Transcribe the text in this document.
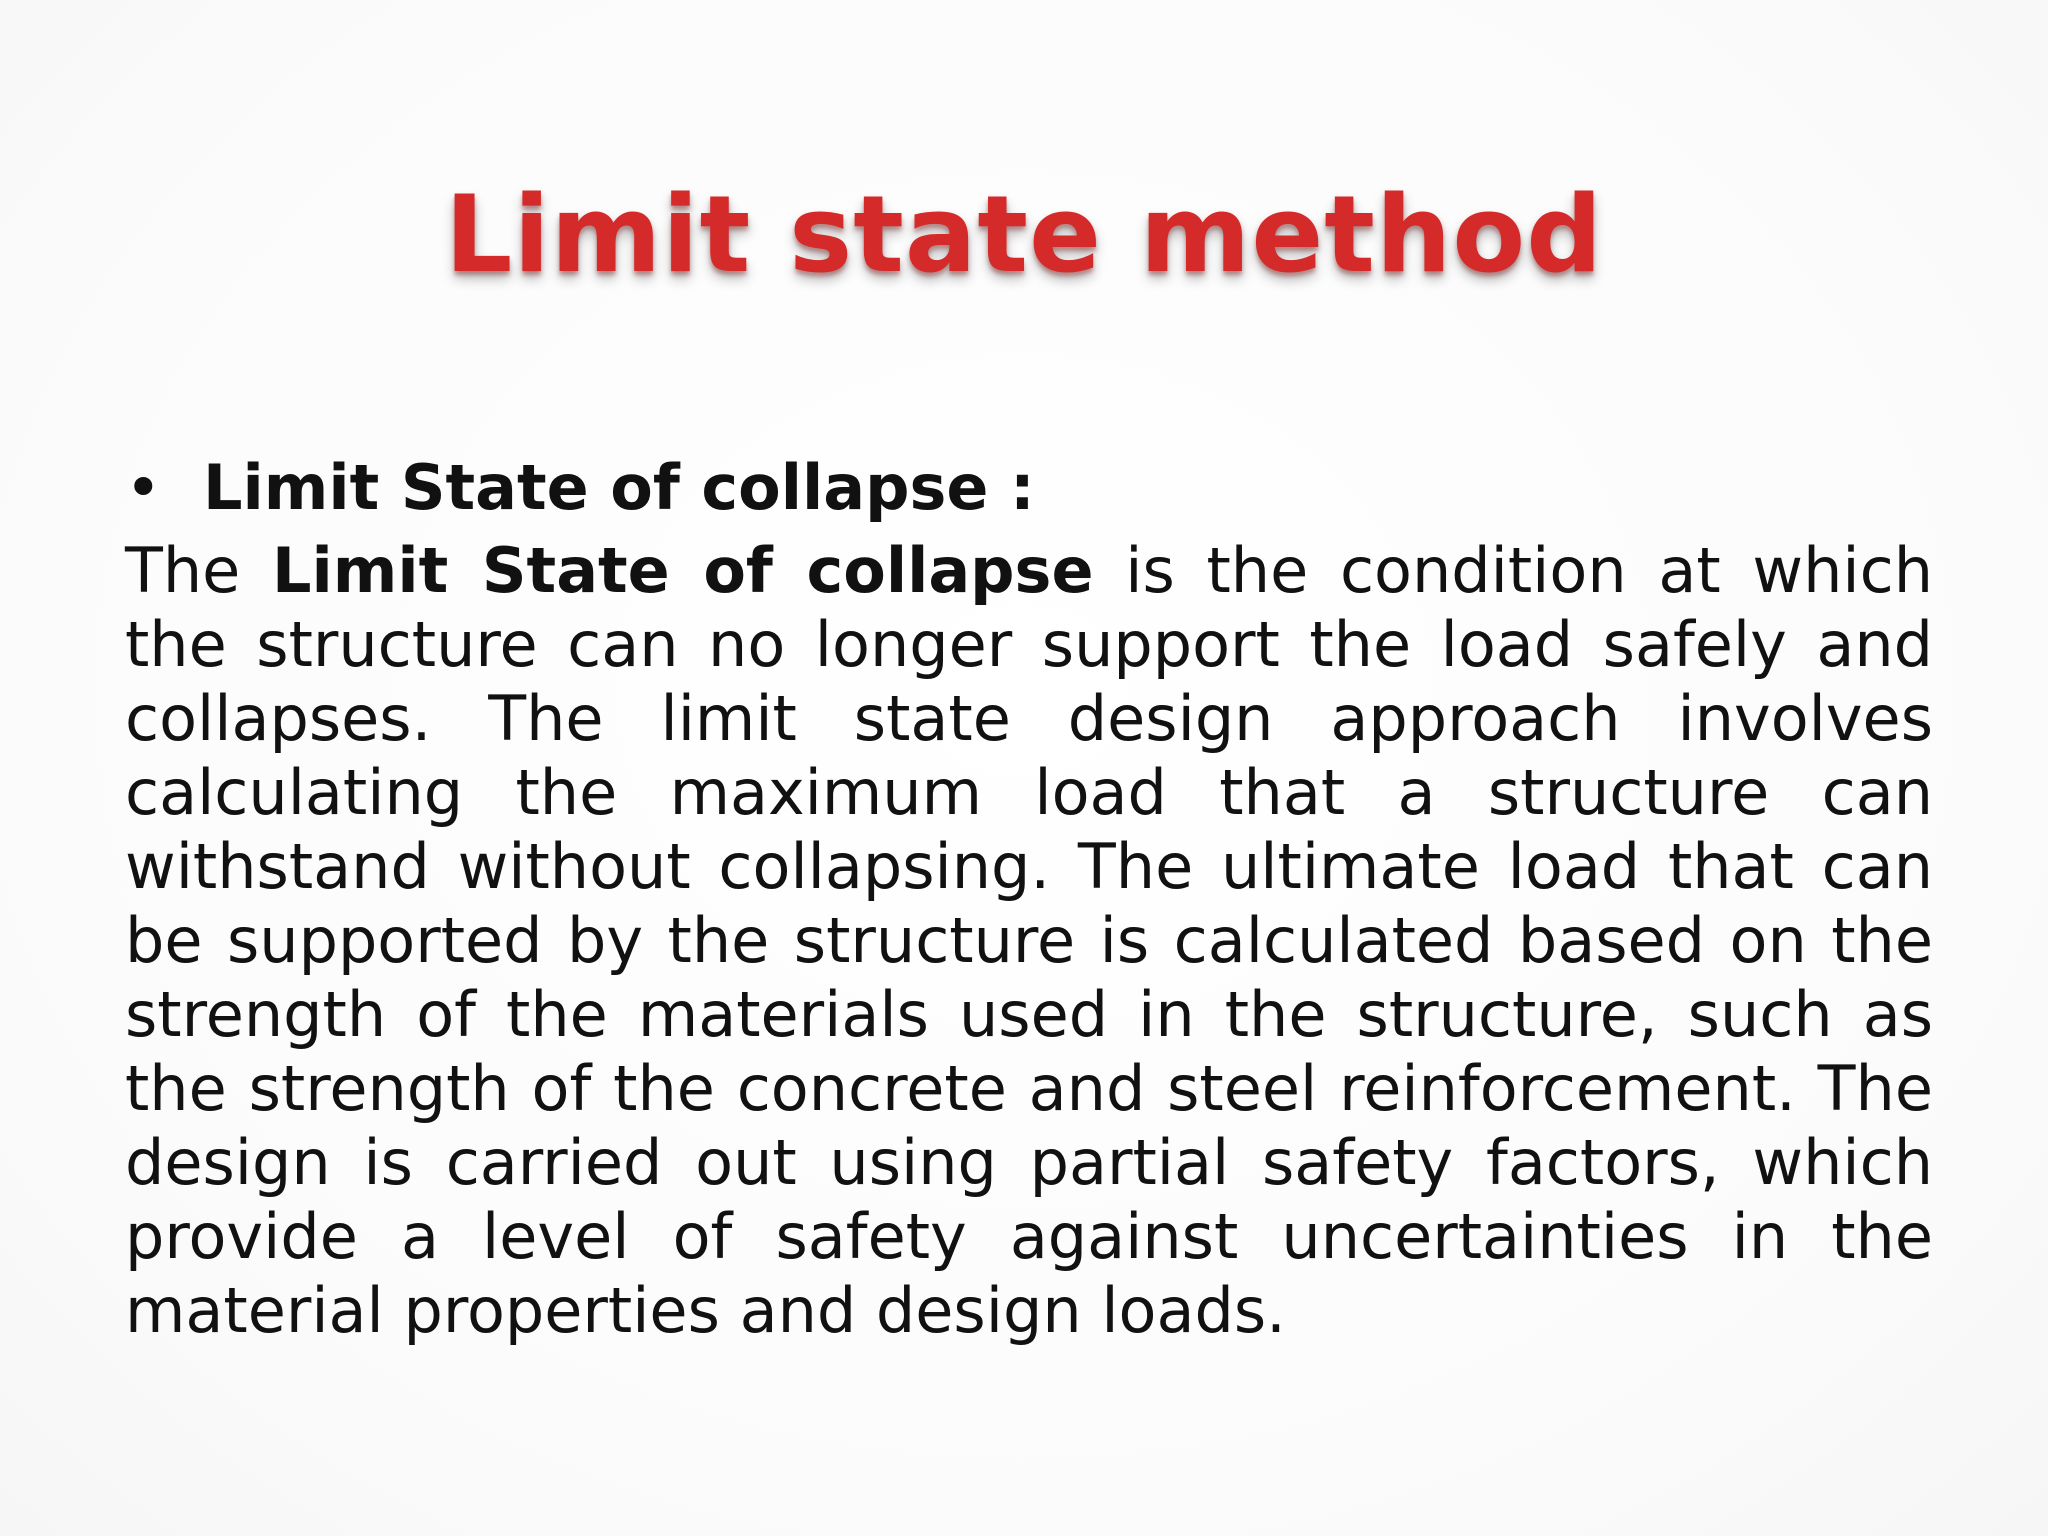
Limit state method
• Limit State of collapse :

The Limit State of collapse is the condition at which the structure can no longer support the load safely and collapses. The limit state design approach involves calculating the maximum load that a structure can withstand without collapsing. The ultimate load that can be supported by the structure is calculated based on the strength of the materials used in the structure, such as the strength of the concrete and steel reinforcement. The design is carried out using partial safety factors, which provide a level of safety against uncertainties in the material properties and design loads.
